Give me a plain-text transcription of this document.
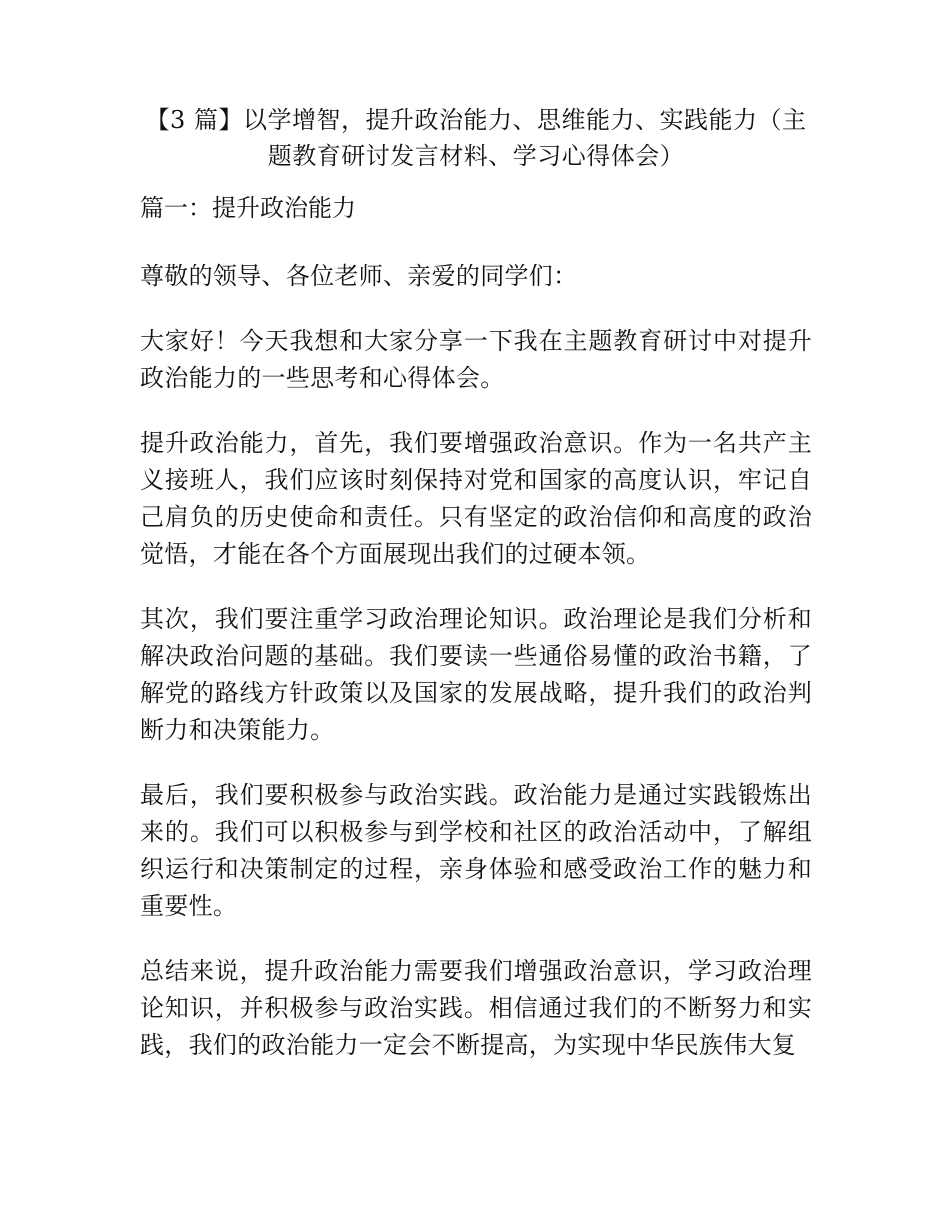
【3 篇】以学增智，提升政治能力、思维能力、实践能力（主题教育研讨发言材料、学习心得体会）
篇一：提升政治能力

尊敬的领导、各位老师、亲爱的同学们：

大家好！今天我想和大家分享一下我在主题教育研讨中对提升政治能力的一些思考和心得体会。

提升政治能力，首先，我们要增强政治意识。作为一名共产主义接班人，我们应该时刻保持对党和国家的高度认识，牢记自己肩负的历史使命和责任。只有坚定的政治信仰和高度的政治觉悟，才能在各个方面展现出我们的过硬本领。

其次，我们要注重学习政治理论知识。政治理论是我们分析和解决政治问题的基础。我们要读一些通俗易懂的政治书籍，了解党的路线方针政策以及国家的发展战略，提升我们的政治判断力和决策能力。

最后，我们要积极参与政治实践。政治能力是通过实践锻炼出来的。我们可以积极参与到学校和社区的政治活动中，了解组织运行和决策制定的过程，亲身体验和感受政治工作的魅力和重要性。

总结来说，提升政治能力需要我们增强政治意识，学习政治理论知识，并积极参与政治实践。相信通过我们的不断努力和实践，我们的政治能力一定会不断提高，为实现中华民族伟大复
